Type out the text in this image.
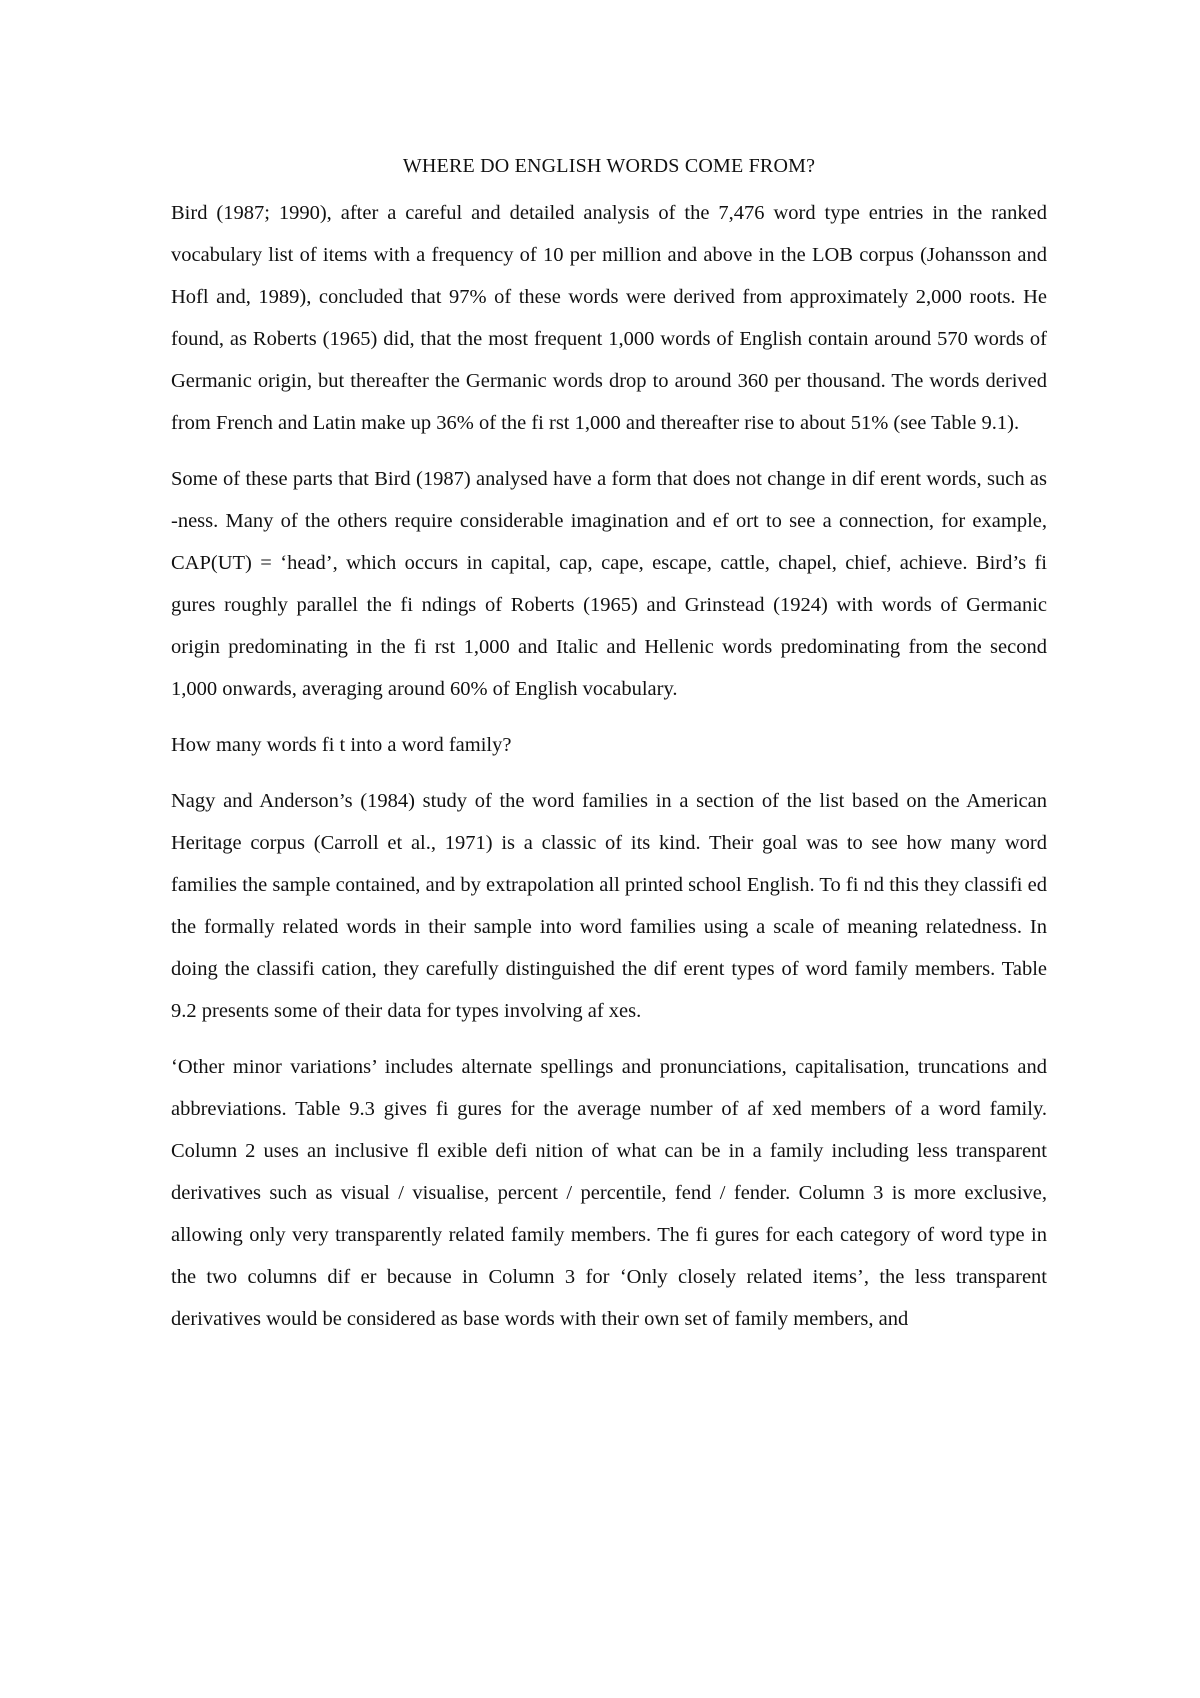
WHERE DO ENGLISH WORDS COME FROM?

Bird (1987; 1990), after a careful and detailed analysis of the 7,476 word type entries in the ranked vocabulary list of items with a frequency of 10 per million and above in the LOB corpus (Johansson and Hofl and, 1989), concluded that 97% of these words were derived from approximately 2,000 roots. He found, as Roberts (1965) did, that the most frequent 1,000 words of English contain around 570 words of Germanic origin, but thereafter the Germanic words drop to around 360 per thousand. The words derived from French and Latin make up 36% of the fi rst 1,000 and thereafter rise to about 51% (see Table 9.1).

Some of these parts that Bird (1987) analysed have a form that does not change in dif erent words, such as -ness. Many of the others require considerable imagination and ef ort to see a connection, for example, CAP(UT) = ‘head’, which occurs in capital, cap, cape, escape, cattle, chapel, chief, achieve. Bird’s fi gures roughly parallel the fi ndings of Roberts (1965) and Grinstead (1924) with words of Germanic origin predominating in the fi rst 1,000 and Italic and Hellenic words predominating from the second 1,000 onwards, averaging around 60% of English vocabulary.

How many words fi t into a word family?

Nagy and Anderson’s (1984) study of the word families in a section of the list based on the American Heritage corpus (Carroll et al., 1971) is a classic of its kind. Their goal was to see how many word families the sample contained, and by extrapolation all printed school English. To fi nd this they classifi ed the formally related words in their sample into word families using a scale of meaning relatedness. In doing the classifi cation, they carefully distinguished the dif erent types of word family members. Table 9.2 presents some of their data for types involving af xes.

‘Other minor variations’ includes alternate spellings and pronunciations, capitalisation, truncations and abbreviations. Table 9.3 gives fi gures for the average number of af xed members of a word family. Column 2 uses an inclusive fl exible defi nition of what can be in a family including less transparent derivatives such as visual / visualise, percent / percentile, fend / fender. Column 3 is more exclusive, allowing only very transparently related family members. The fi gures for each category of word type in the two columns dif er because in Column 3 for ‘Only closely related items’, the less transparent derivatives would be considered as base words with their own set of family members, and
